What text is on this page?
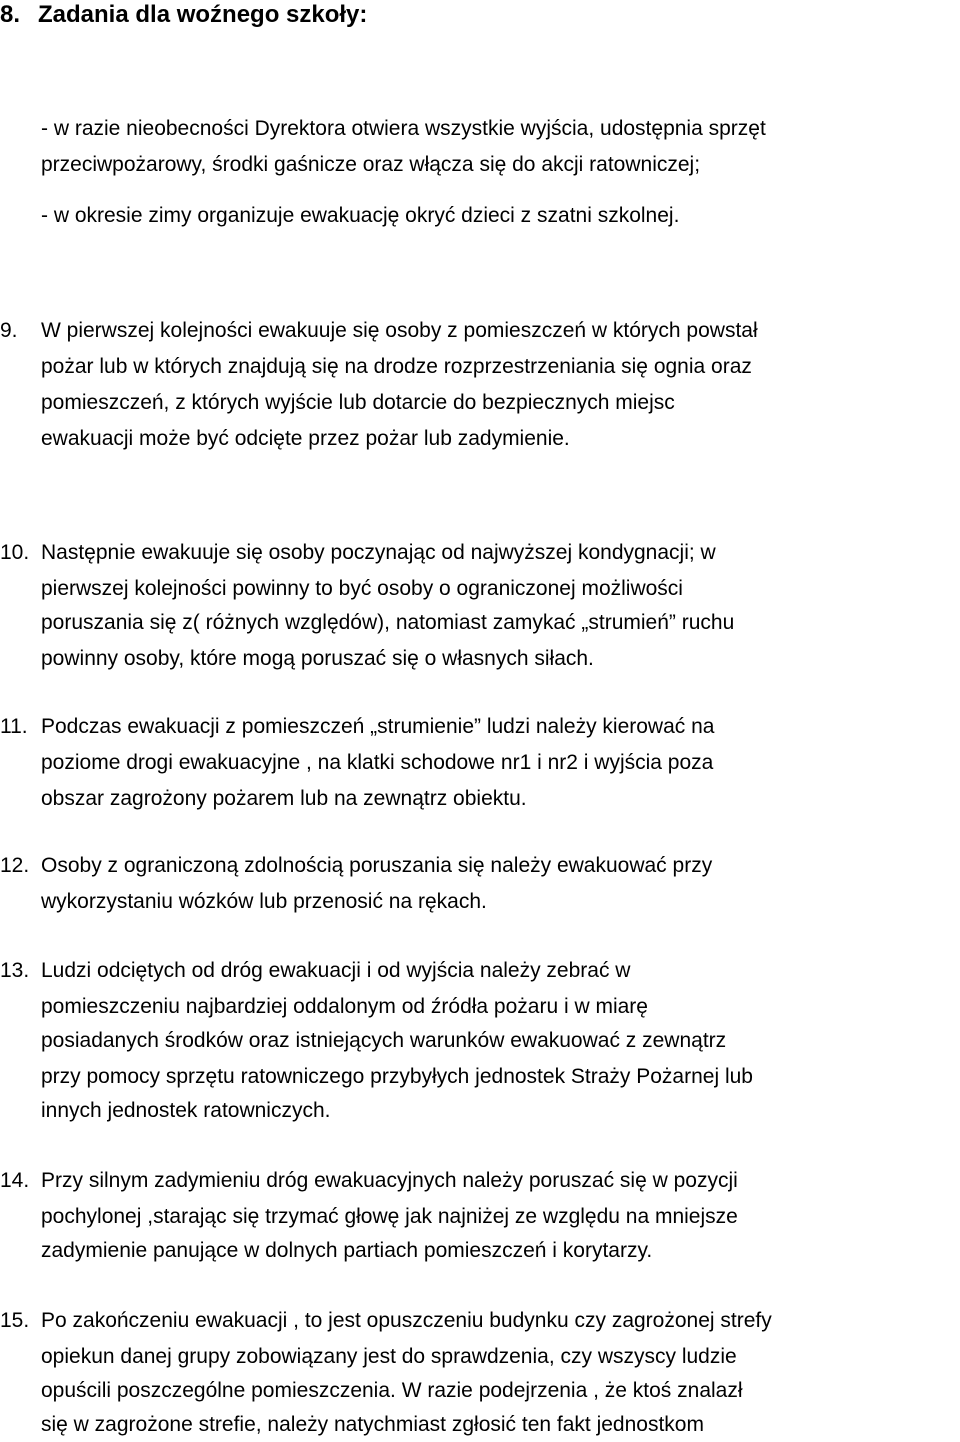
8. Zadania dla woźnego szkoły:
- w razie nieobecności Dyrektora otwiera wszystkie wyjścia, udostępnia sprzęt
przeciwpożarowy, środki gaśnicze oraz włącza się do akcji ratowniczej;
- w okresie zimy organizuje ewakuację okryć dzieci z szatni szkolnej.
9. W pierwszej kolejności ewakuuje się osoby z pomieszczeń w których powstał
pożar lub w których znajdują się na drodze rozprzestrzeniania się ognia oraz
pomieszczeń, z których wyjście lub dotarcie do bezpiecznych miejsc
ewakuacji może być odcięte przez pożar lub zadymienie.
10. Następnie ewakuuje się osoby poczynając od najwyższej kondygnacji; w
pierwszej kolejności powinny to być osoby o ograniczonej możliwości
poruszania się z( różnych względów), natomiast zamykać „strumień” ruchu
powinny osoby, które mogą poruszać się o własnych siłach.
11. Podczas ewakuacji z pomieszczeń „strumienie” ludzi należy kierować na
poziome drogi ewakuacyjne , na klatki schodowe nr1 i nr2 i wyjścia poza
obszar zagrożony pożarem lub na zewnątrz obiektu.
12. Osoby z ograniczoną zdolnością poruszania się należy ewakuować przy
wykorzystaniu wózków lub przenosić na rękach.
13. Ludzi odciętych od dróg ewakuacji i od wyjścia należy zebrać w
pomieszczeniu najbardziej oddalonym od źródła pożaru i w miarę
posiadanych środków oraz istniejących warunków ewakuować z zewnątrz
przy pomocy sprzętu ratowniczego przybyłych jednostek Straży Pożarnej lub
innych jednostek ratowniczych.
14. Przy silnym zadymieniu dróg ewakuacyjnych należy poruszać się w pozycji
pochylonej ,starając się trzymać głowę jak najniżej ze względu na mniejsze
zadymienie panujące w dolnych partiach pomieszczeń i korytarzy.
15. Po zakończeniu ewakuacji , to jest opuszczeniu budynku czy zagrożonej strefy
opiekun danej grupy zobowiązany jest do sprawdzenia, czy wszyscy ludzie
opuścili poszczególne pomieszczenia. W razie podejrzenia , że ktoś znalazł
się w zagrożone strefie, należy natychmiast zgłosić ten fakt jednostkom
